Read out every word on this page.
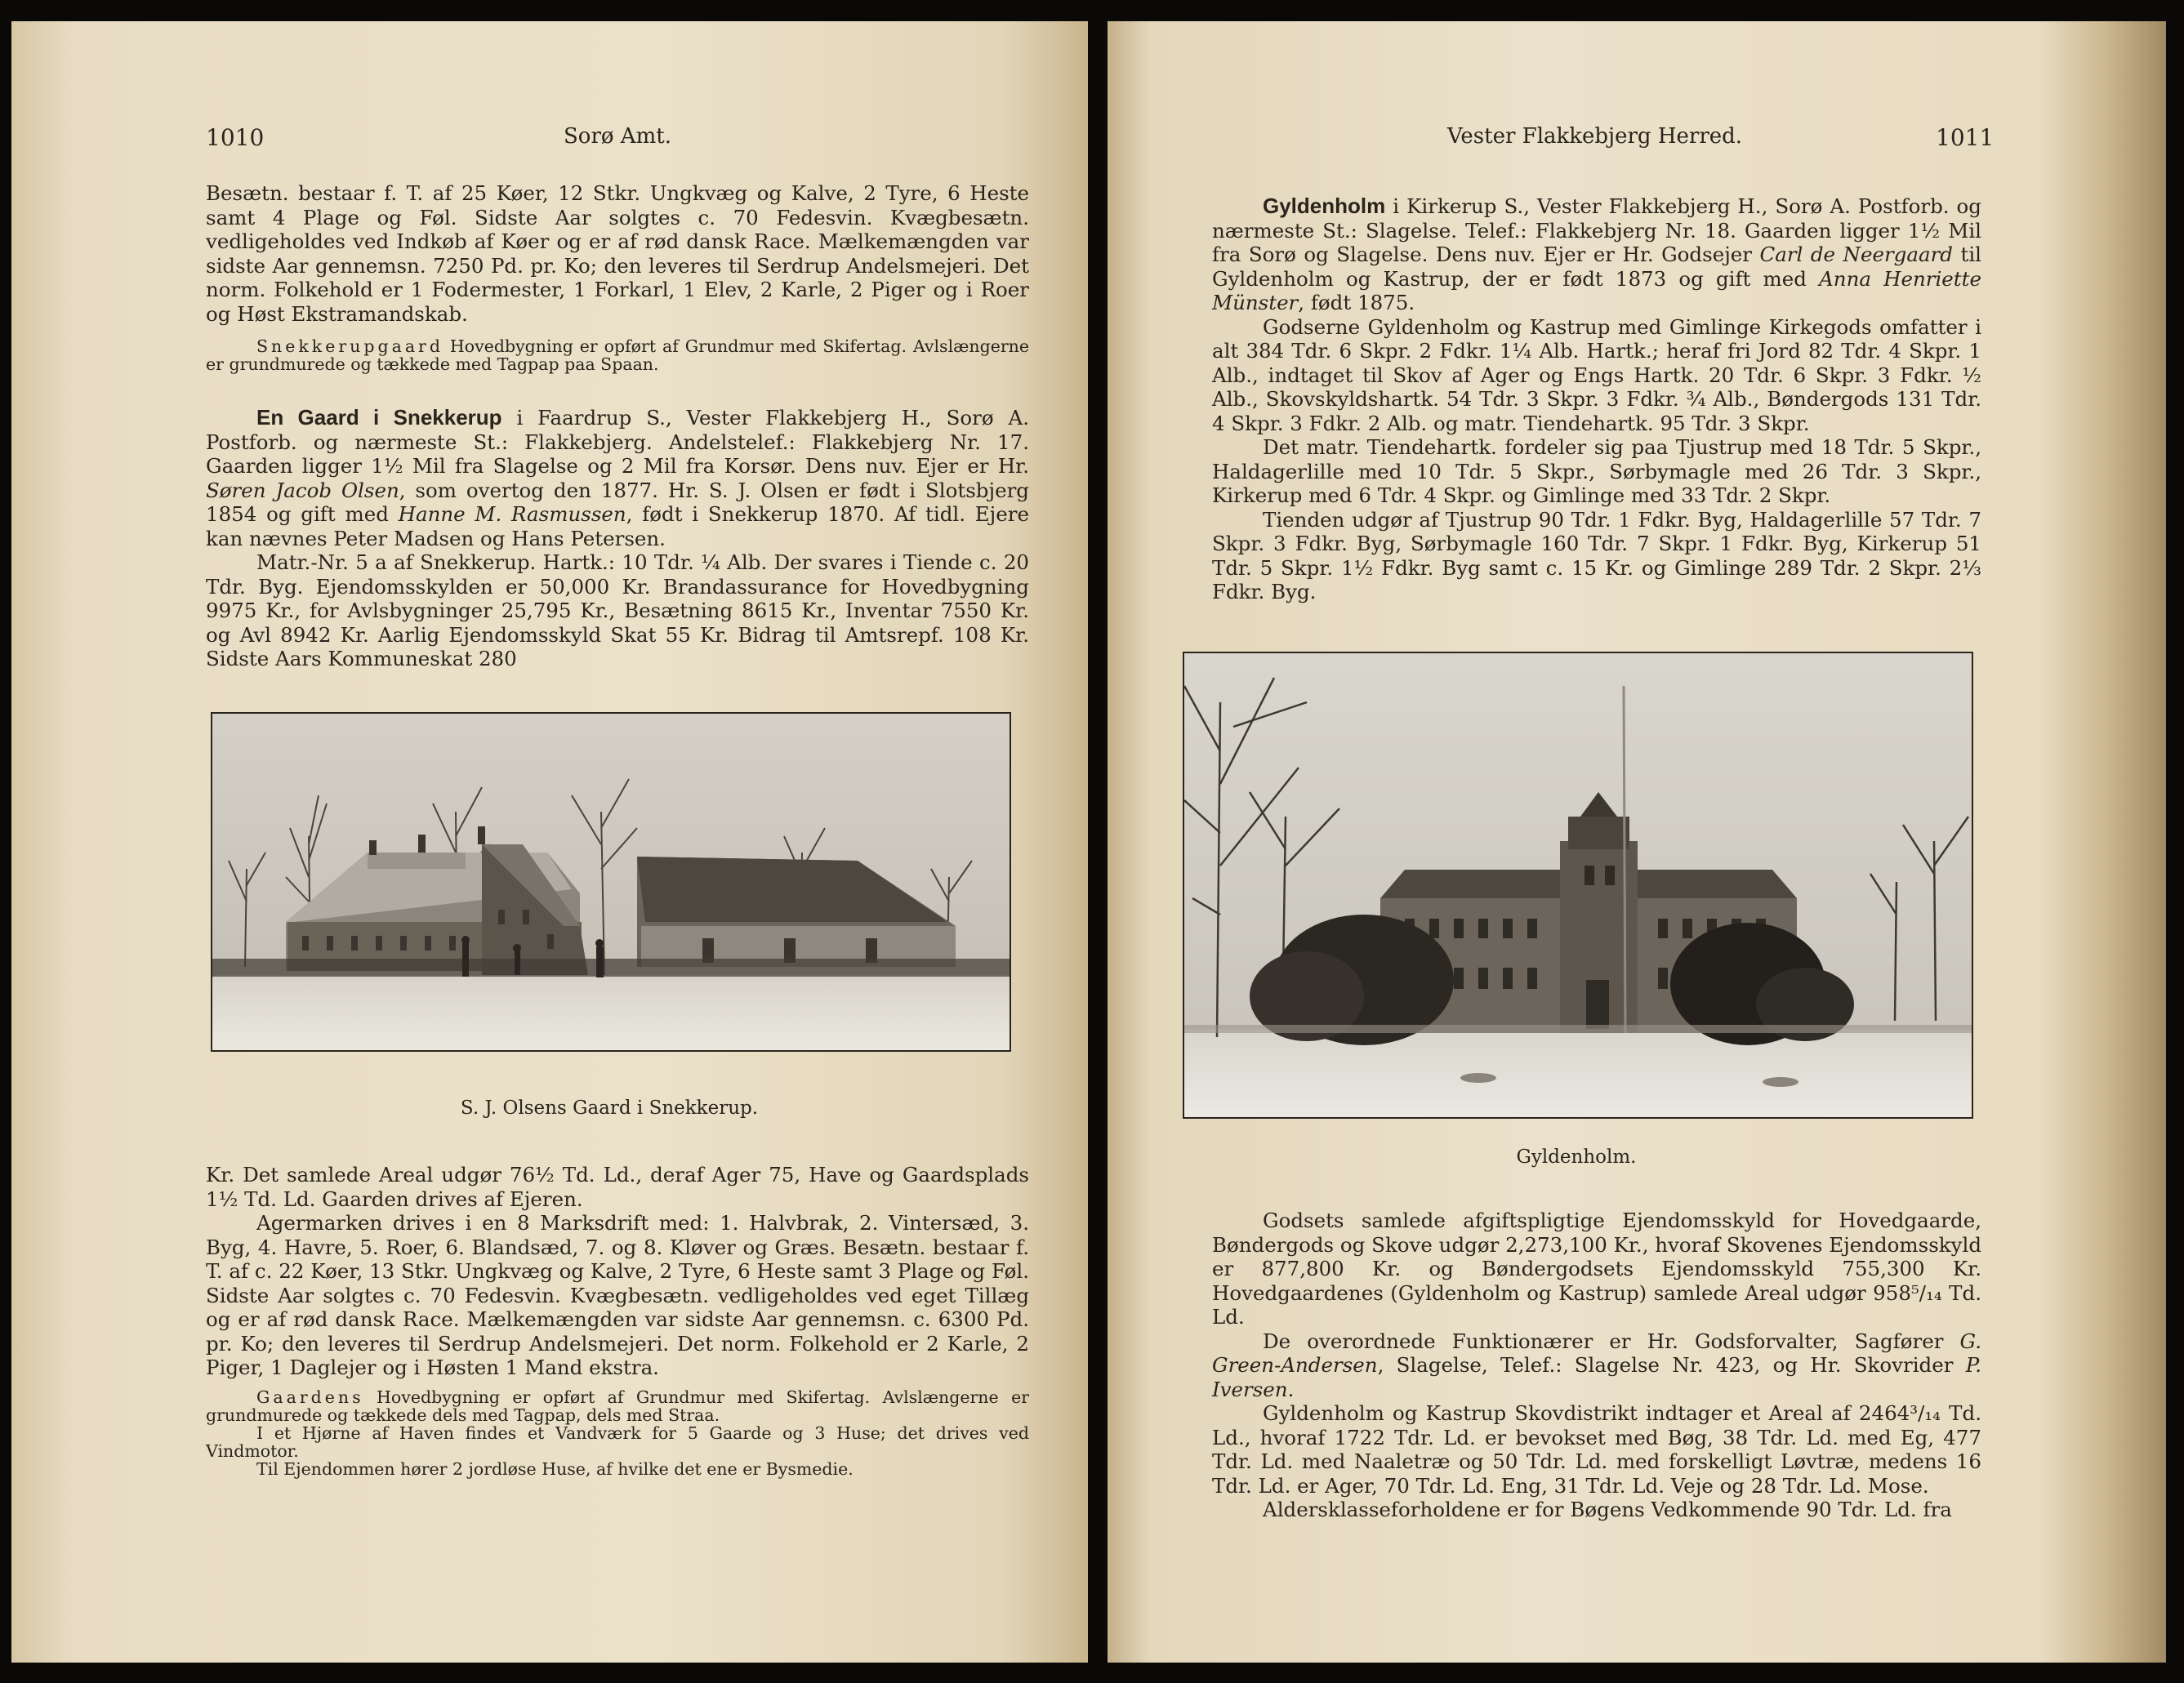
1010	Sorø Amt.

Besætn. bestaar f. T. af 25 Køer, 12 Stkr. Ungkvæg og Kalve, 2 Tyre, 6 Heste samt 4 Plage og Føl. Sidste Aar solgtes c. 70 Fedesvin. Kvægbesætn. vedligeholdes ved Indkøb af Køer og er af rød dansk Race. Mælkemængden var sidste Aar gennemsn. 7250 Pd. pr. Ko; den leveres til Serdrup Andelsmejeri. Det norm. Folkehold er 1 Fodermester, 1 Forkarl, 1 Elev, 2 Karle, 2 Piger og i Roer og Høst Ekstramandskab.

Snekkerupgaard Hovedbygning er opført af Grundmur med Skifertag. Avlslængerne er grundmurede og tækkede med Tagpap paa Spaan.

En Gaard i Snekkerup i Faardrup S., Vester Flakkebjerg H., Sorø A. Postforb. og nærmeste St.: Flakkebjerg. Andelstelef.: Flakkebjerg Nr. 17. Gaarden ligger 1½ Mil fra Slagelse og 2 Mil fra Korsør. Dens nuv. Ejer er Hr. Søren Jacob Olsen, som overtog den 1877. Hr. S. J. Olsen er født i Slotsbjerg 1854 og gift med Hanne M. Rasmussen, født i Snekkerup 1870. Af tidl. Ejere kan nævnes Peter Madsen og Hans Petersen.

Matr.-Nr. 5 a af Snekkerup. Hartk.: 10 Tdr. ¼ Alb. Der svares i Tiende c. 20 Tdr. Byg. Ejendomsskylden er 50,000 Kr. Brandassurance for Hovedbygning 9975 Kr., for Avlsbygninger 25,795 Kr., Besætning 8615 Kr., Inventar 7550 Kr. og Avl 8942 Kr. Aarlig Ejendomsskyld Skat 55 Kr. Bidrag til Amtsrepf. 108 Kr. Sidste Aars Kommuneskat 280

S. J. Olsens Gaard i Snekkerup.

Kr. Det samlede Areal udgør 76½ Td. Ld., deraf Ager 75, Have og Gaardsplads 1½ Td. Ld. Gaarden drives af Ejeren.

Agermarken drives i en 8 Marksdrift med: 1. Halvbrak, 2. Vintersæd, 3. Byg, 4. Havre, 5. Roer, 6. Blandsæd, 7. og 8. Kløver og Græs. Besætn. bestaar f. T. af c. 22 Køer, 13 Stkr. Ungkvæg og Kalve, 2 Tyre, 6 Heste samt 3 Plage og Føl. Sidste Aar solgtes c. 70 Fedesvin. Kvægbesætn. vedligeholdes ved eget Tillæg og er af rød dansk Race. Mælkemængden var sidste Aar gennemsn. c. 6300 Pd. pr. Ko; den leveres til Serdrup Andelsmejeri. Det norm. Folkehold er 2 Karle, 2 Piger, 1 Daglejer og i Høsten 1 Mand ekstra.

Gaardens Hovedbygning er opført af Grundmur med Skifertag. Avlslængerne er grundmurede og tækkede dels med Tagpap, dels med Straa.

I et Hjørne af Haven findes et Vandværk for 5 Gaarde og 3 Huse; det drives ved Vindmotor.

Til Ejendommen hører 2 jordløse Huse, af hvilke det ene er Bysmedie.

Vester Flakkebjerg Herred.	1011

Gyldenholm i Kirkerup S., Vester Flakkebjerg H., Sorø A. Postforb. og nærmeste St.: Slagelse. Telef.: Flakkebjerg Nr. 18. Gaarden ligger 1½ Mil fra Sorø og Slagelse. Dens nuv. Ejer er Hr. Godsejer Carl de Neergaard til Gyldenholm og Kastrup, der er født 1873 og gift med Anna Henriette Münster, født 1875.

Godserne Gyldenholm og Kastrup med Gimlinge Kirkegods omfatter i alt 384 Tdr. 6 Skpr. 2 Fdkr. 1¼ Alb. Hartk.; heraf fri Jord 82 Tdr. 4 Skpr. 1 Alb., indtaget til Skov af Ager og Engs Hartk. 20 Tdr. 6 Skpr. 3 Fdkr. ½ Alb., Skovskyldshartk. 54 Tdr. 3 Skpr. 3 Fdkr. ¾ Alb., Bøndergods 131 Tdr. 4 Skpr. 3 Fdkr. 2 Alb. og matr. Tiendehartk. 95 Tdr. 3 Skpr.

Det matr. Tiendehartk. fordeler sig paa Tjustrup med 18 Tdr. 5 Skpr., Haldagerlille med 10 Tdr. 5 Skpr., Sørbymagle med 26 Tdr. 3 Skpr., Kirkerup med 6 Tdr. 4 Skpr. og Gimlinge med 33 Tdr. 2 Skpr.

Tienden udgør af Tjustrup 90 Tdr. 1 Fdkr. Byg, Haldagerlille 57 Tdr. 7 Skpr. 3 Fdkr. Byg, Sørbymagle 160 Tdr. 7 Skpr. 1 Fdkr. Byg, Kirkerup 51 Tdr. 5 Skpr. 1½ Fdkr. Byg samt c. 15 Kr. og Gimlinge 289 Tdr. 2 Skpr. 2⅓ Fdkr. Byg.

Gyldenholm.

Godsets samlede afgiftspligtige Ejendomsskyld for Hovedgaarde, Bøndergods og Skove udgør 2,273,100 Kr., hvoraf Skovenes Ejendomsskyld er 877,800 Kr. og Bøndergodsets Ejendomsskyld 755,300 Kr. Hovedgaardenes (Gyldenholm og Kastrup) samlede Areal udgør 958⁵/₁₄ Td. Ld.

De overordnede Funktionærer er Hr. Godsforvalter, Sagfører G. Green-Andersen, Slagelse, Telef.: Slagelse Nr. 423, og Hr. Skovrider P. Iversen.

Gyldenholm og Kastrup Skovdistrikt indtager et Areal af 2464³/₁₄ Td. Ld., hvoraf 1722 Tdr. Ld. er bevokset med Bøg, 38 Tdr. Ld. med Eg, 477 Tdr. Ld. med Naaletræ og 50 Tdr. Ld. med forskelligt Løvtræ, medens 16 Tdr. Ld. er Ager, 70 Tdr. Ld. Eng, 31 Tdr. Ld. Veje og 28 Tdr. Ld. Mose.

Aldersklasseforholdene er for Bøgens Vedkommende 90 Tdr. Ld. fra
